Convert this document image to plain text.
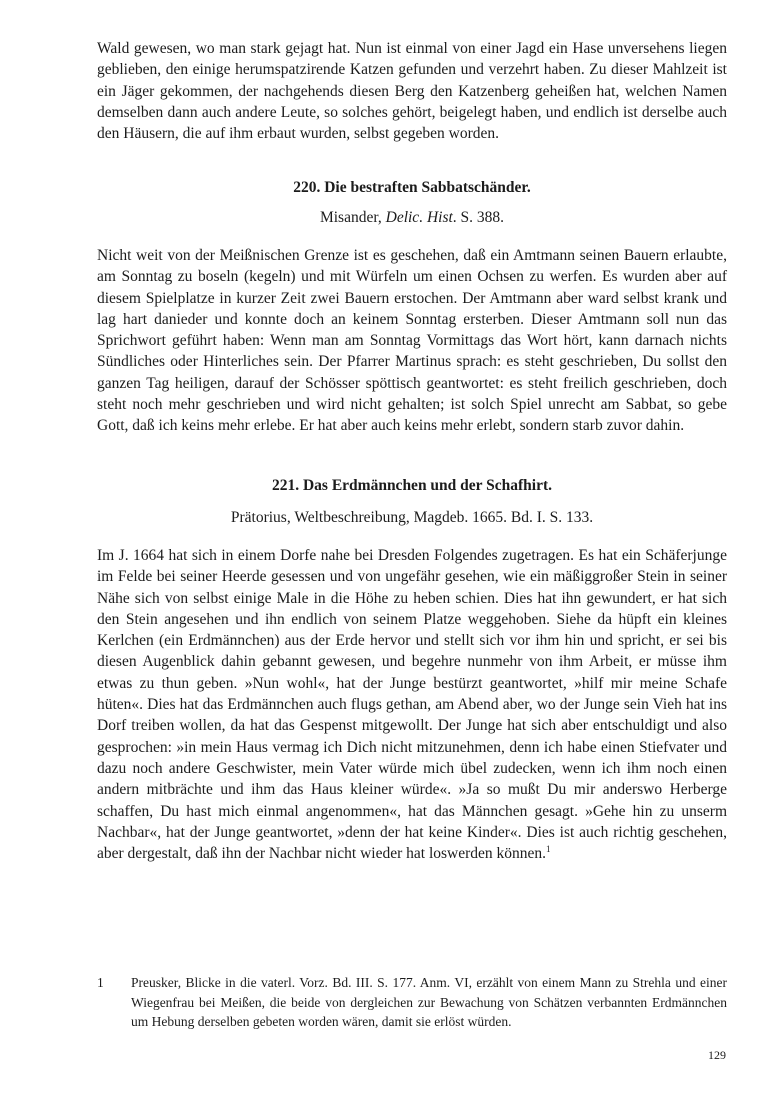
Wald gewesen, wo man stark gejagt hat. Nun ist einmal von einer Jagd ein Hase unversehens liegen geblieben, den einige herumspatzirende Katzen gefunden und verzehrt haben. Zu dieser Mahlzeit ist ein Jäger gekommen, der nachgehends diesen Berg den Katzenberg geheißen hat, welchen Namen demselben dann auch andere Leute, so solches gehört, beigelegt haben, und endlich ist derselbe auch den Häusern, die auf ihm erbaut wurden, selbst gegeben worden.

220. Die bestraften Sabbatschänder.
Misander, Delic. Hist. S. 388.

Nicht weit von der Meißnischen Grenze ist es geschehen, daß ein Amtmann seinen Bauern erlaubte, am Sonntag zu boseln (kegeln) und mit Würfeln um einen Ochsen zu werfen. Es wurden aber auf diesem Spielplatze in kurzer Zeit zwei Bauern erstochen. Der Amtmann aber ward selbst krank und lag hart danieder und konnte doch an keinem Sonntag ersterben. Dieser Amtmann soll nun das Sprichwort geführt haben: Wenn man am Sonntag Vormittags das Wort hört, kann darnach nichts Sündliches oder Hinterliches sein. Der Pfarrer Martinus sprach: es steht geschrieben, Du sollst den ganzen Tag heiligen, darauf der Schösser spöttisch geantwortet: es steht freilich geschrieben, doch steht noch mehr geschrieben und wird nicht gehalten; ist solch Spiel unrecht am Sabbat, so gebe Gott, daß ich keins mehr erlebe. Er hat aber auch keins mehr erlebt, sondern starb zuvor dahin.

221. Das Erdmännchen und der Schafhirt.
Prätorius, Weltbeschreibung, Magdeb. 1665. Bd. I. S. 133.

Im J. 1664 hat sich in einem Dorfe nahe bei Dresden Folgendes zugetragen. Es hat ein Schäferjunge im Felde bei seiner Heerde gesessen und von ungefähr gesehen, wie ein mäßiggroßer Stein in seiner Nähe sich von selbst einige Male in die Höhe zu heben schien. Dies hat ihn gewundert, er hat sich den Stein angesehen und ihn endlich von seinem Platze weggehoben. Siehe da hüpft ein kleines Kerlchen (ein Erdmännchen) aus der Erde hervor und stellt sich vor ihm hin und spricht, er sei bis diesen Augenblick dahin gebannt gewesen, und begehre nunmehr von ihm Arbeit, er müsse ihm etwas zu thun geben. »Nun wohl«, hat der Junge bestürzt geantwortet, »hilf mir meine Schafe hüten«. Dies hat das Erdmännchen auch flugs gethan, am Abend aber, wo der Junge sein Vieh hat ins Dorf treiben wollen, da hat das Gespenst mitgewollt. Der Junge hat sich aber entschuldigt und also gesprochen: »in mein Haus vermag ich Dich nicht mitzunehmen, denn ich habe einen Stiefvater und dazu noch andere Geschwister, mein Vater würde mich übel zudecken, wenn ich ihm noch einen andern mitbrächte und ihm das Haus kleiner würde«. »Ja so mußt Du mir anderswo Herberge schaffen, Du hast mich einmal angenommen«, hat das Männchen gesagt. »Gehe hin zu unserm Nachbar«, hat der Junge geantwortet, »denn der hat keine Kinder«. Dies ist auch richtig geschehen, aber dergestalt, daß ihn der Nachbar nicht wieder hat loswerden können.$^1$

1	Preusker, Blicke in die vaterl. Vorz. Bd. III. S. 177. Anm. VI, erzählt von einem Mann zu Strehla und einer Wiegenfrau bei Meißen, die beide von dergleichen zur Bewachung von Schätzen verbannten Erdmännchen um Hebung derselben gebeten worden wären, damit sie erlöst würden.
129
